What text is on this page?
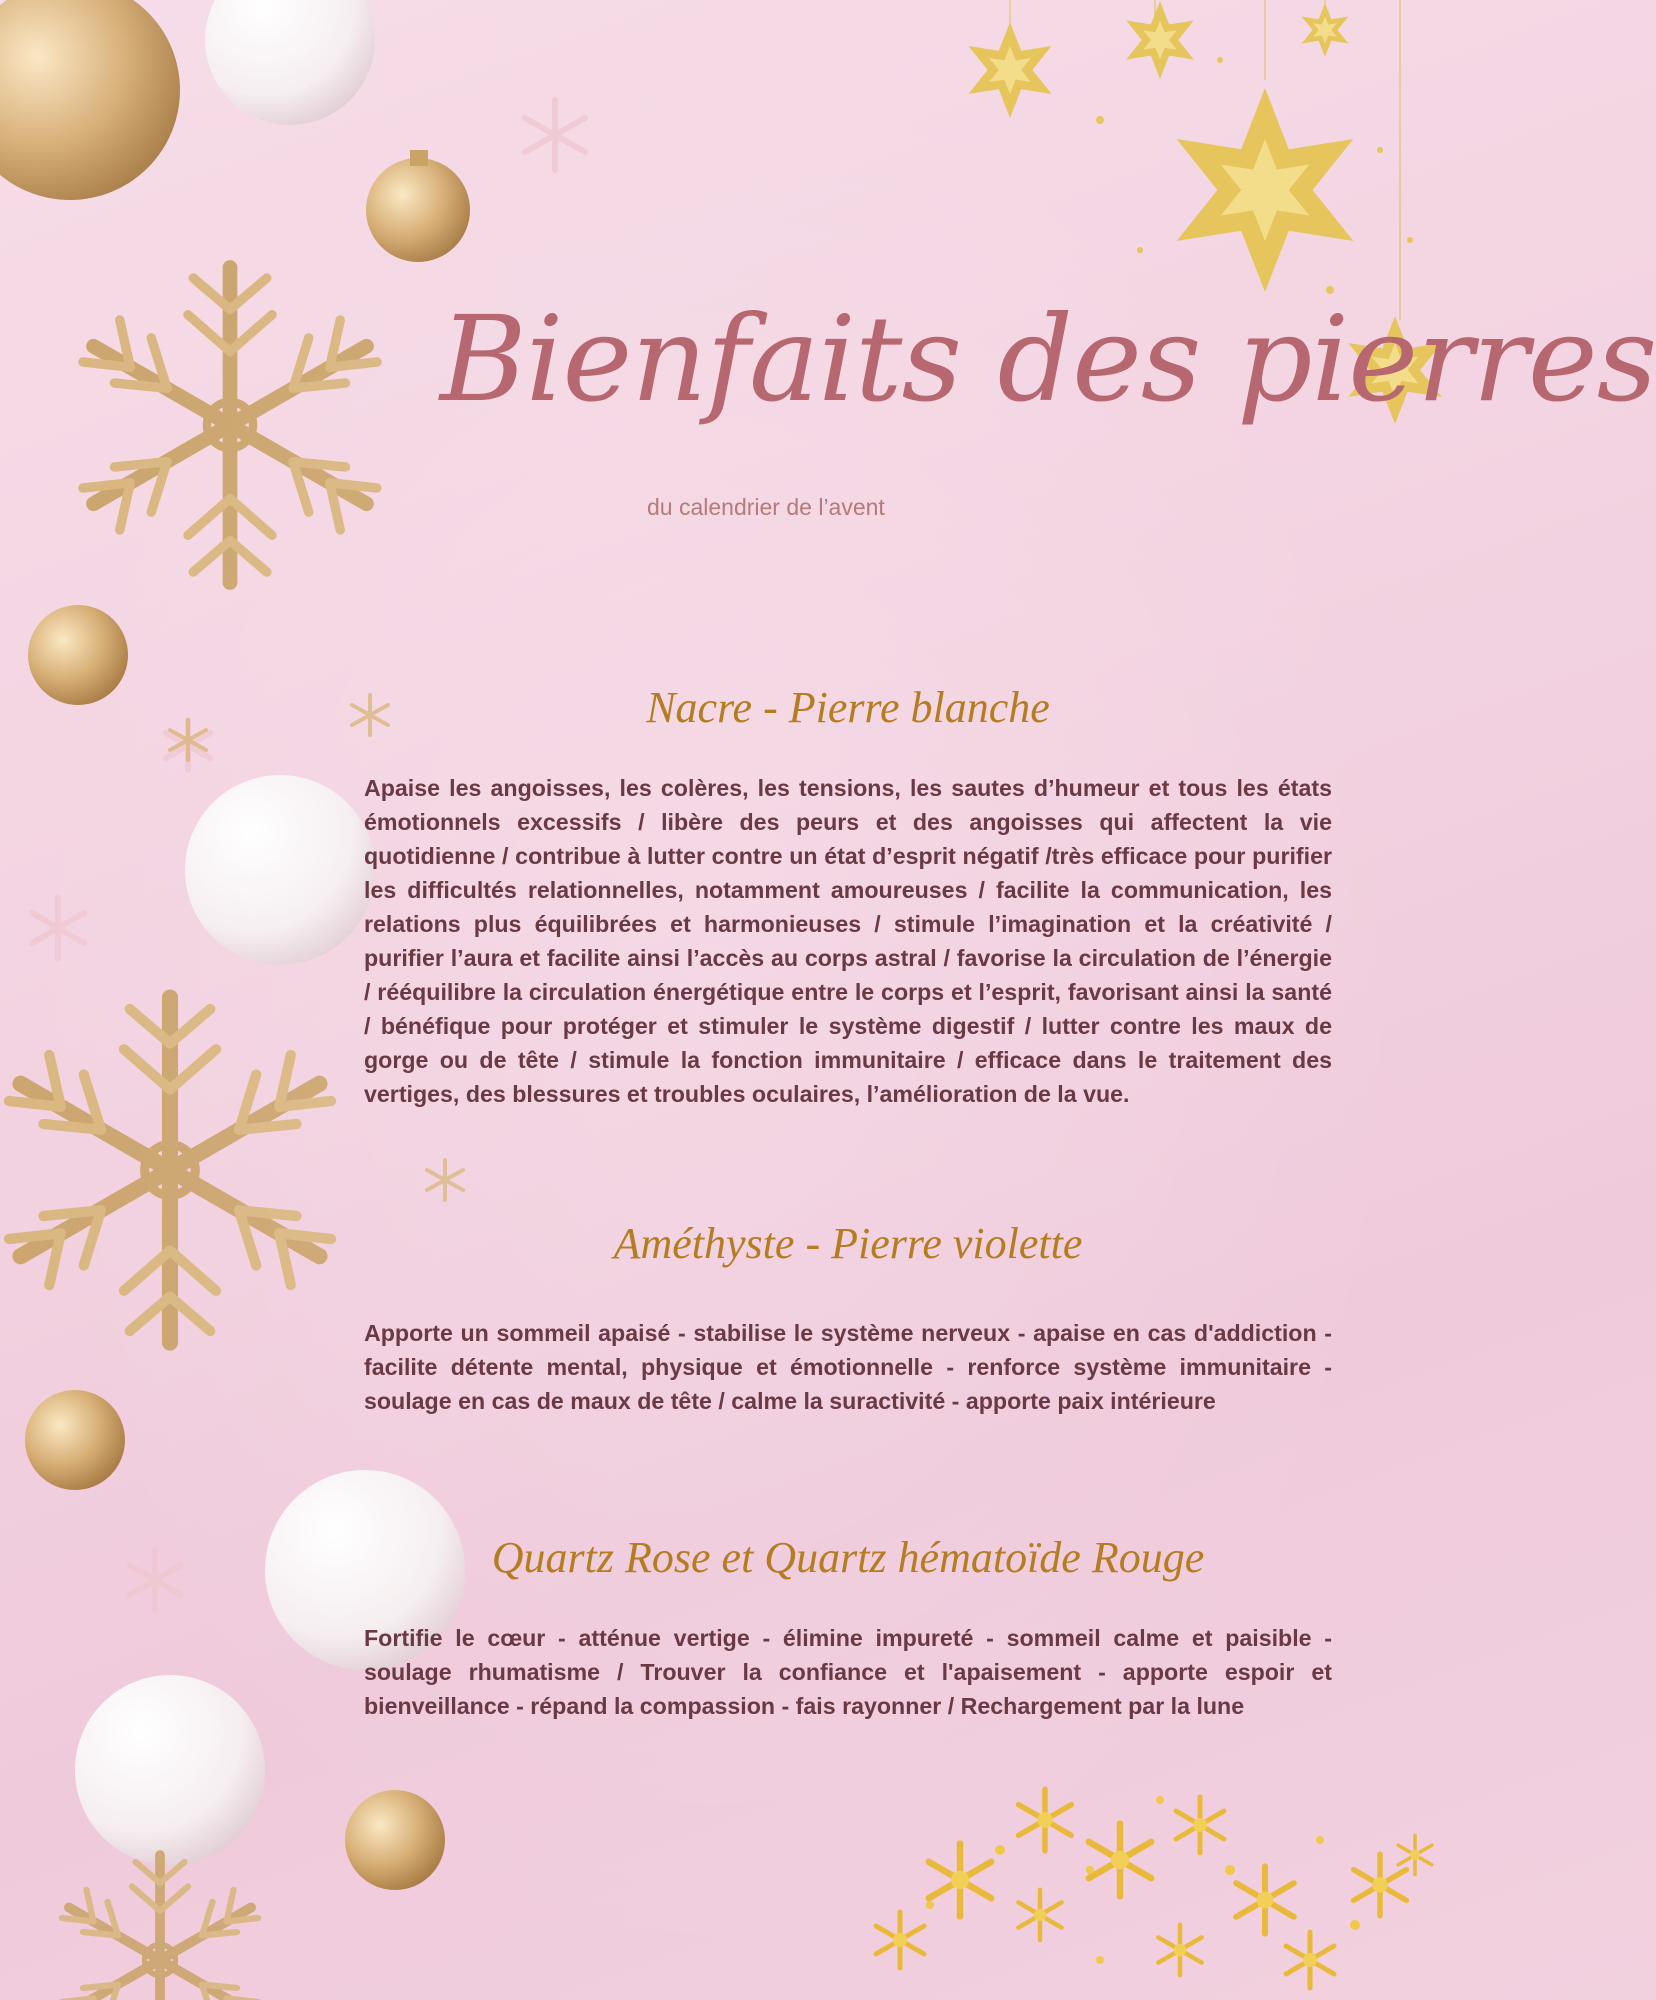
Bienfaits des pierres
du calendrier de l’avent
Nacre - Pierre blanche

Apaise les angoisses, les colères, les tensions, les sautes d’humeur et tous les états émotionnels excessifs / libère des peurs et des angoisses qui affectent la vie quotidienne / contribue à lutter contre un état d’esprit négatif /très efficace pour purifier les difficultés relationnelles, notamment amoureuses / facilite la communication, les relations plus équilibrées et harmonieuses / stimule l’imagination et la créativité / purifier l’aura et facilite ainsi l’accès au corps astral / favorise la circulation de l’énergie / rééquilibre la circulation énergétique entre le corps et l’esprit, favorisant ainsi la santé / bénéfique pour protéger et stimuler le système digestif / lutter contre les maux de gorge ou de tête / stimule la fonction immunitaire / efficace dans le traitement des vertiges, des blessures et troubles oculaires, l’amélioration de la vue.

Améthyste - Pierre violette

Apporte un sommeil apaisé - stabilise le système nerveux - apaise en cas d'addiction - facilite détente mental, physique et émotionnelle - renforce système immunitaire - soulage en cas de maux de tête / calme la suractivité - apporte paix intérieure

Quartz Rose et Quartz hématoïde Rouge

Fortifie le cœur - atténue vertige - élimine impureté - sommeil calme et paisible - soulage rhumatisme / Trouver la confiance et l'apaisement - apporte espoir et bienveillance - répand la compassion - fais rayonner / Rechargement par la lune
